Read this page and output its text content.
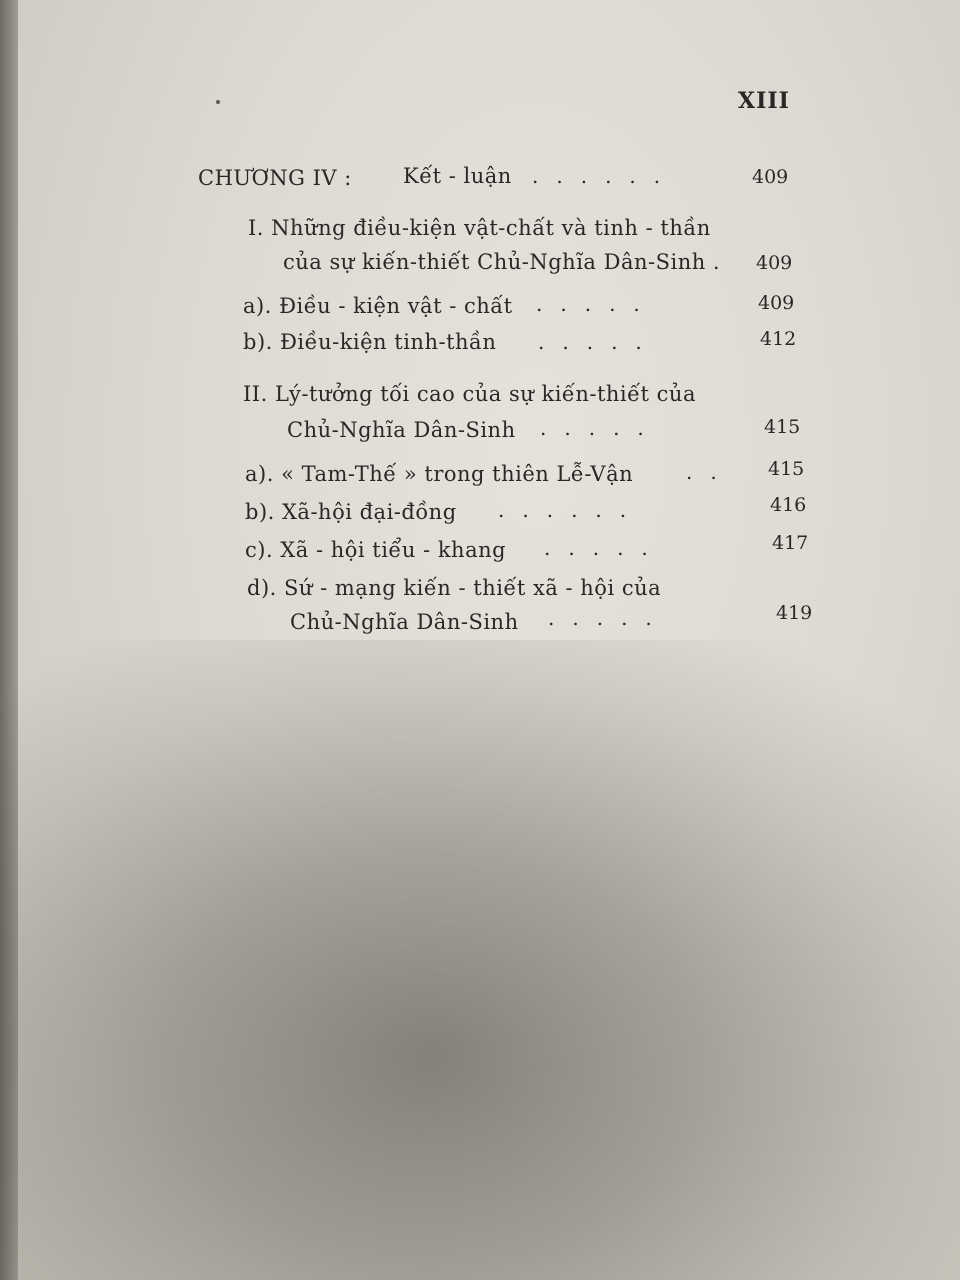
XIII
CHƯƠNG IV : Kết - luận ......	409
I. Những điều-kiện vật-chất và tinh - thần
của sự kiến-thiết Chủ-Nghĩa Dân-Sinh . 409
a). Điều - kiện vật - chất .....	409
b). Điều-kiện tinh-thần .....	412
II. Lý-tưởng tối cao của sự kiến-thiết của
Chủ-Nghĩa Dân-Sinh .....	415
a). « Tam-Thế » trong thiên Lễ-Vận	.. 415
b). Xã-hội đại-đồng ......	416
c). Xã - hội tiểu - khang .....	417
d). Sứ - mạng kiến - thiết xã - hội của
Chủ-Nghĩa Dân-Sinh .....	419
